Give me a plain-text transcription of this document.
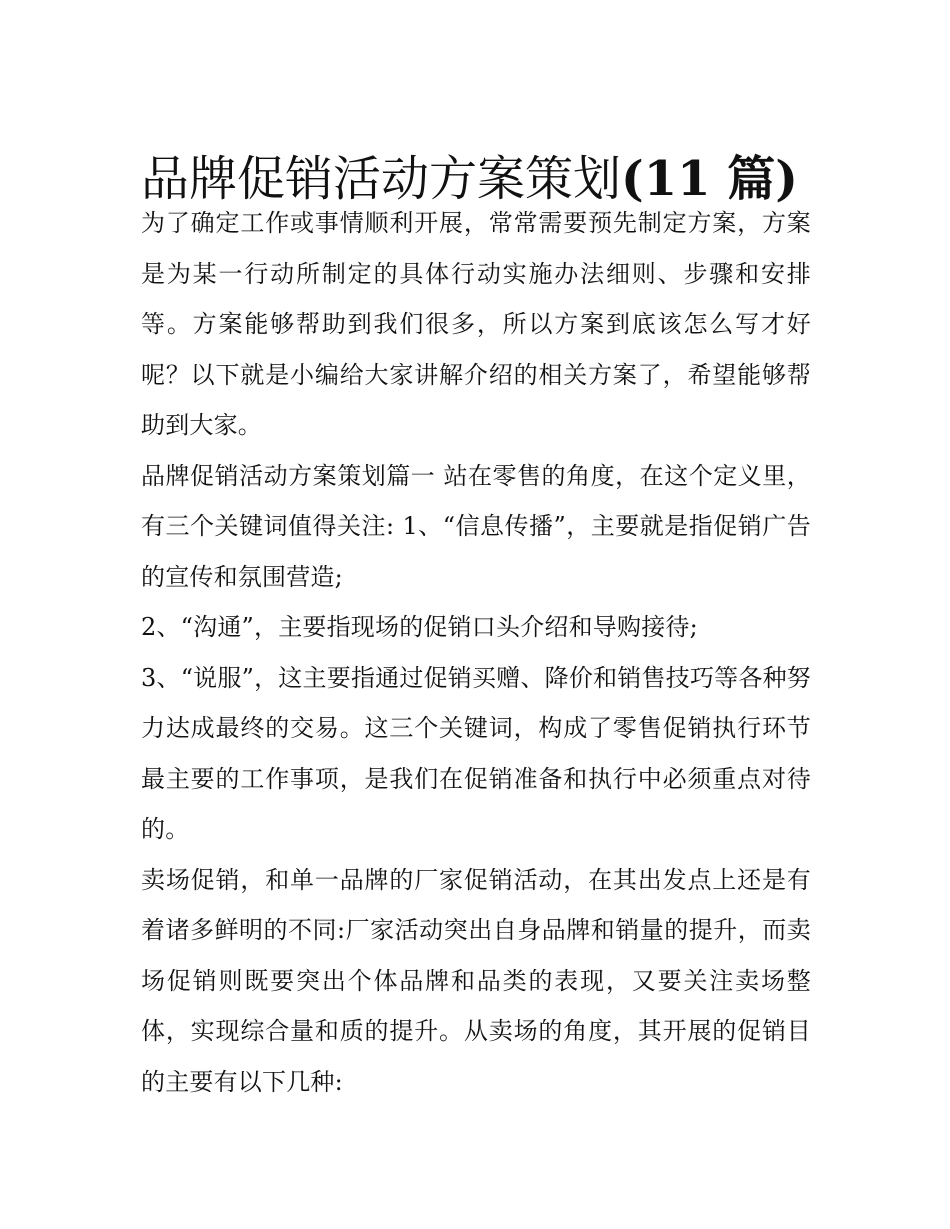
品牌促销活动方案策划(11 篇)

为了确定工作或事情顺利开展，常常需要预先制定方案，方案是为某一行动所制定的具体行动实施办法细则、步骤和安排等。方案能够帮助到我们很多，所以方案到底该怎么写才好呢？以下就是小编给大家讲解介绍的相关方案了，希望能够帮助到大家。

品牌促销活动方案策划篇一 站在零售的角度，在这个定义里，有三个关键词值得关注: 1、“信息传播”，主要就是指促销广告的宣传和氛围营造;

2、“沟通”，主要指现场的促销口头介绍和导购接待;

3、“说服”，这主要指通过促销买赠、降价和销售技巧等各种努力达成最终的交易。这三个关键词，构成了零售促销执行环节最主要的工作事项，是我们在促销准备和执行中必须重点对待的。

卖场促销，和单一品牌的厂家促销活动，在其出发点上还是有着诸多鲜明的不同:厂家活动突出自身品牌和销量的提升，而卖场促销则既要突出个体品牌和品类的表现，又要关注卖场整体，实现综合量和质的提升。从卖场的角度，其开展的促销目的主要有以下几种:
